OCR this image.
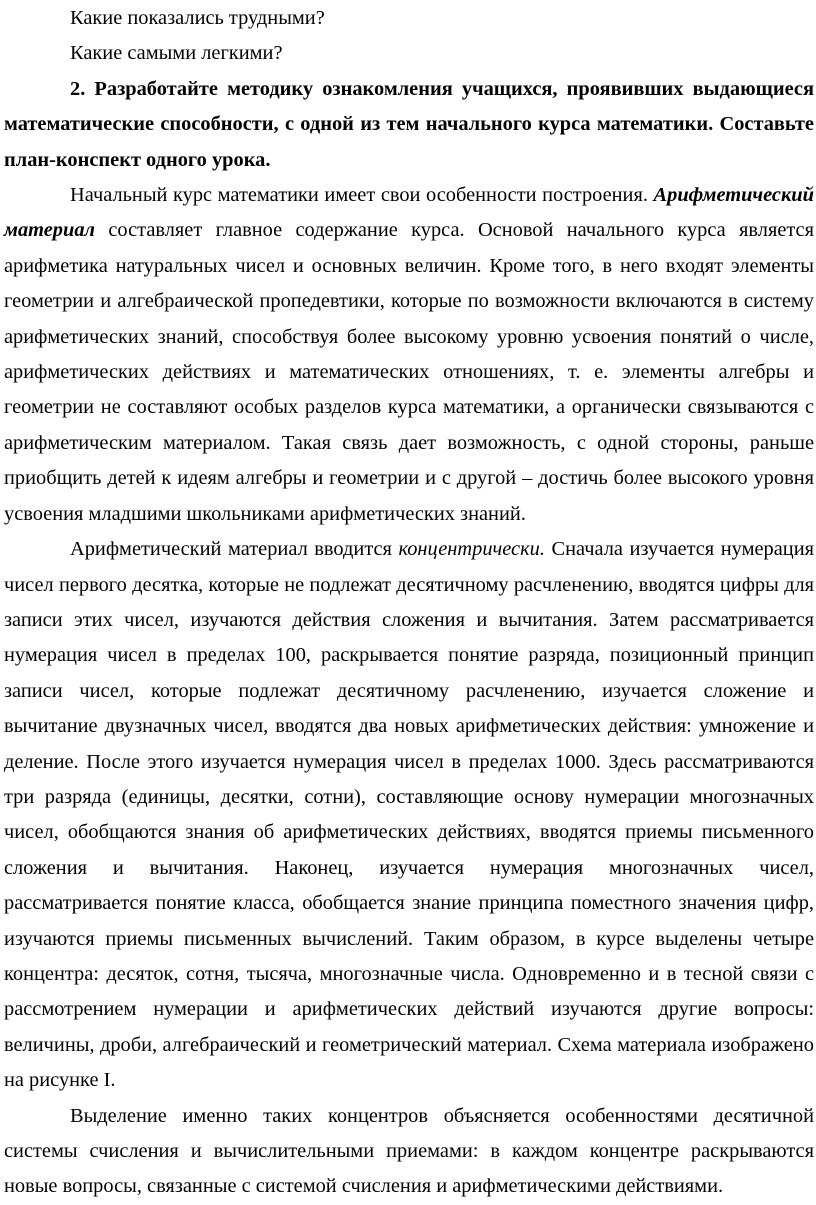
Какие показались трудными?

Какие самыми легкими?

2. Разработайте методику ознакомления учащихся, проявивших выдающиеся математические способности, с одной из тем начального курса математики. Составьте план-конспект одного урока.

Начальный курс математики имеет свои особенности построения. Арифметический материал составляет главное содержание курса. Основой начального курса является арифметика натуральных чисел и основных величин. Кроме того, в него входят элементы геометрии и алгебраической пропедевтики, которые по возможности включаются в систему арифметических знаний, способствуя более высокому уровню усвоения понятий о числе, арифметических действиях и математических отношениях, т. е. элементы алгебры и геометрии не составляют особых разделов курса математики, а органически связываются с арифметическим материалом. Такая связь дает возможность, с одной стороны, раньше приобщить детей к идеям алгебры и геометрии и с другой – достичь более высокого уровня усвоения младшими школьниками арифметических знаний.

Арифметический материал вводится концентрически. Сначала изучается нумерация чисел первого десятка, которые не подлежат десятичному расчленению, вводятся цифры для записи этих чисел, изучаются действия сложения и вычитания. Затем рассматривается нумерация чисел в пределах 100, раскрывается понятие разряда, позиционный принцип записи чисел, которые подлежат десятичному расчленению, изучается сложение и вычитание двузначных чисел, вводятся два новых арифметических действия: умножение и деление. После этого изучается нумерация чисел в пределах 1000. Здесь рассматриваются три разряда (единицы, десятки, сотни), составляющие основу нумерации многозначных чисел, обобщаются знания об арифметических действиях, вводятся приемы письменного сложения и вычитания. Наконец, изучается нумерация многозначных чисел, рассматривается понятие класса, обобщается знание принципа поместного значения цифр, изучаются приемы письменных вычислений. Таким образом, в курсе выделены четыре концентра: десяток, сотня, тысяча, многозначные числа. Одновременно и в тесной связи с рассмотрением нумерации и арифметических действий изучаются другие вопросы: величины, дроби, алгебраический и геометрический материал. Схема материала изображено на рисунке I.

Выделение именно таких концентров объясняется особенностями десятичной системы счисления и вычислительными приемами: в каждом концентре раскрываются новые вопросы, связанные с системой счисления и арифметическими действиями.
